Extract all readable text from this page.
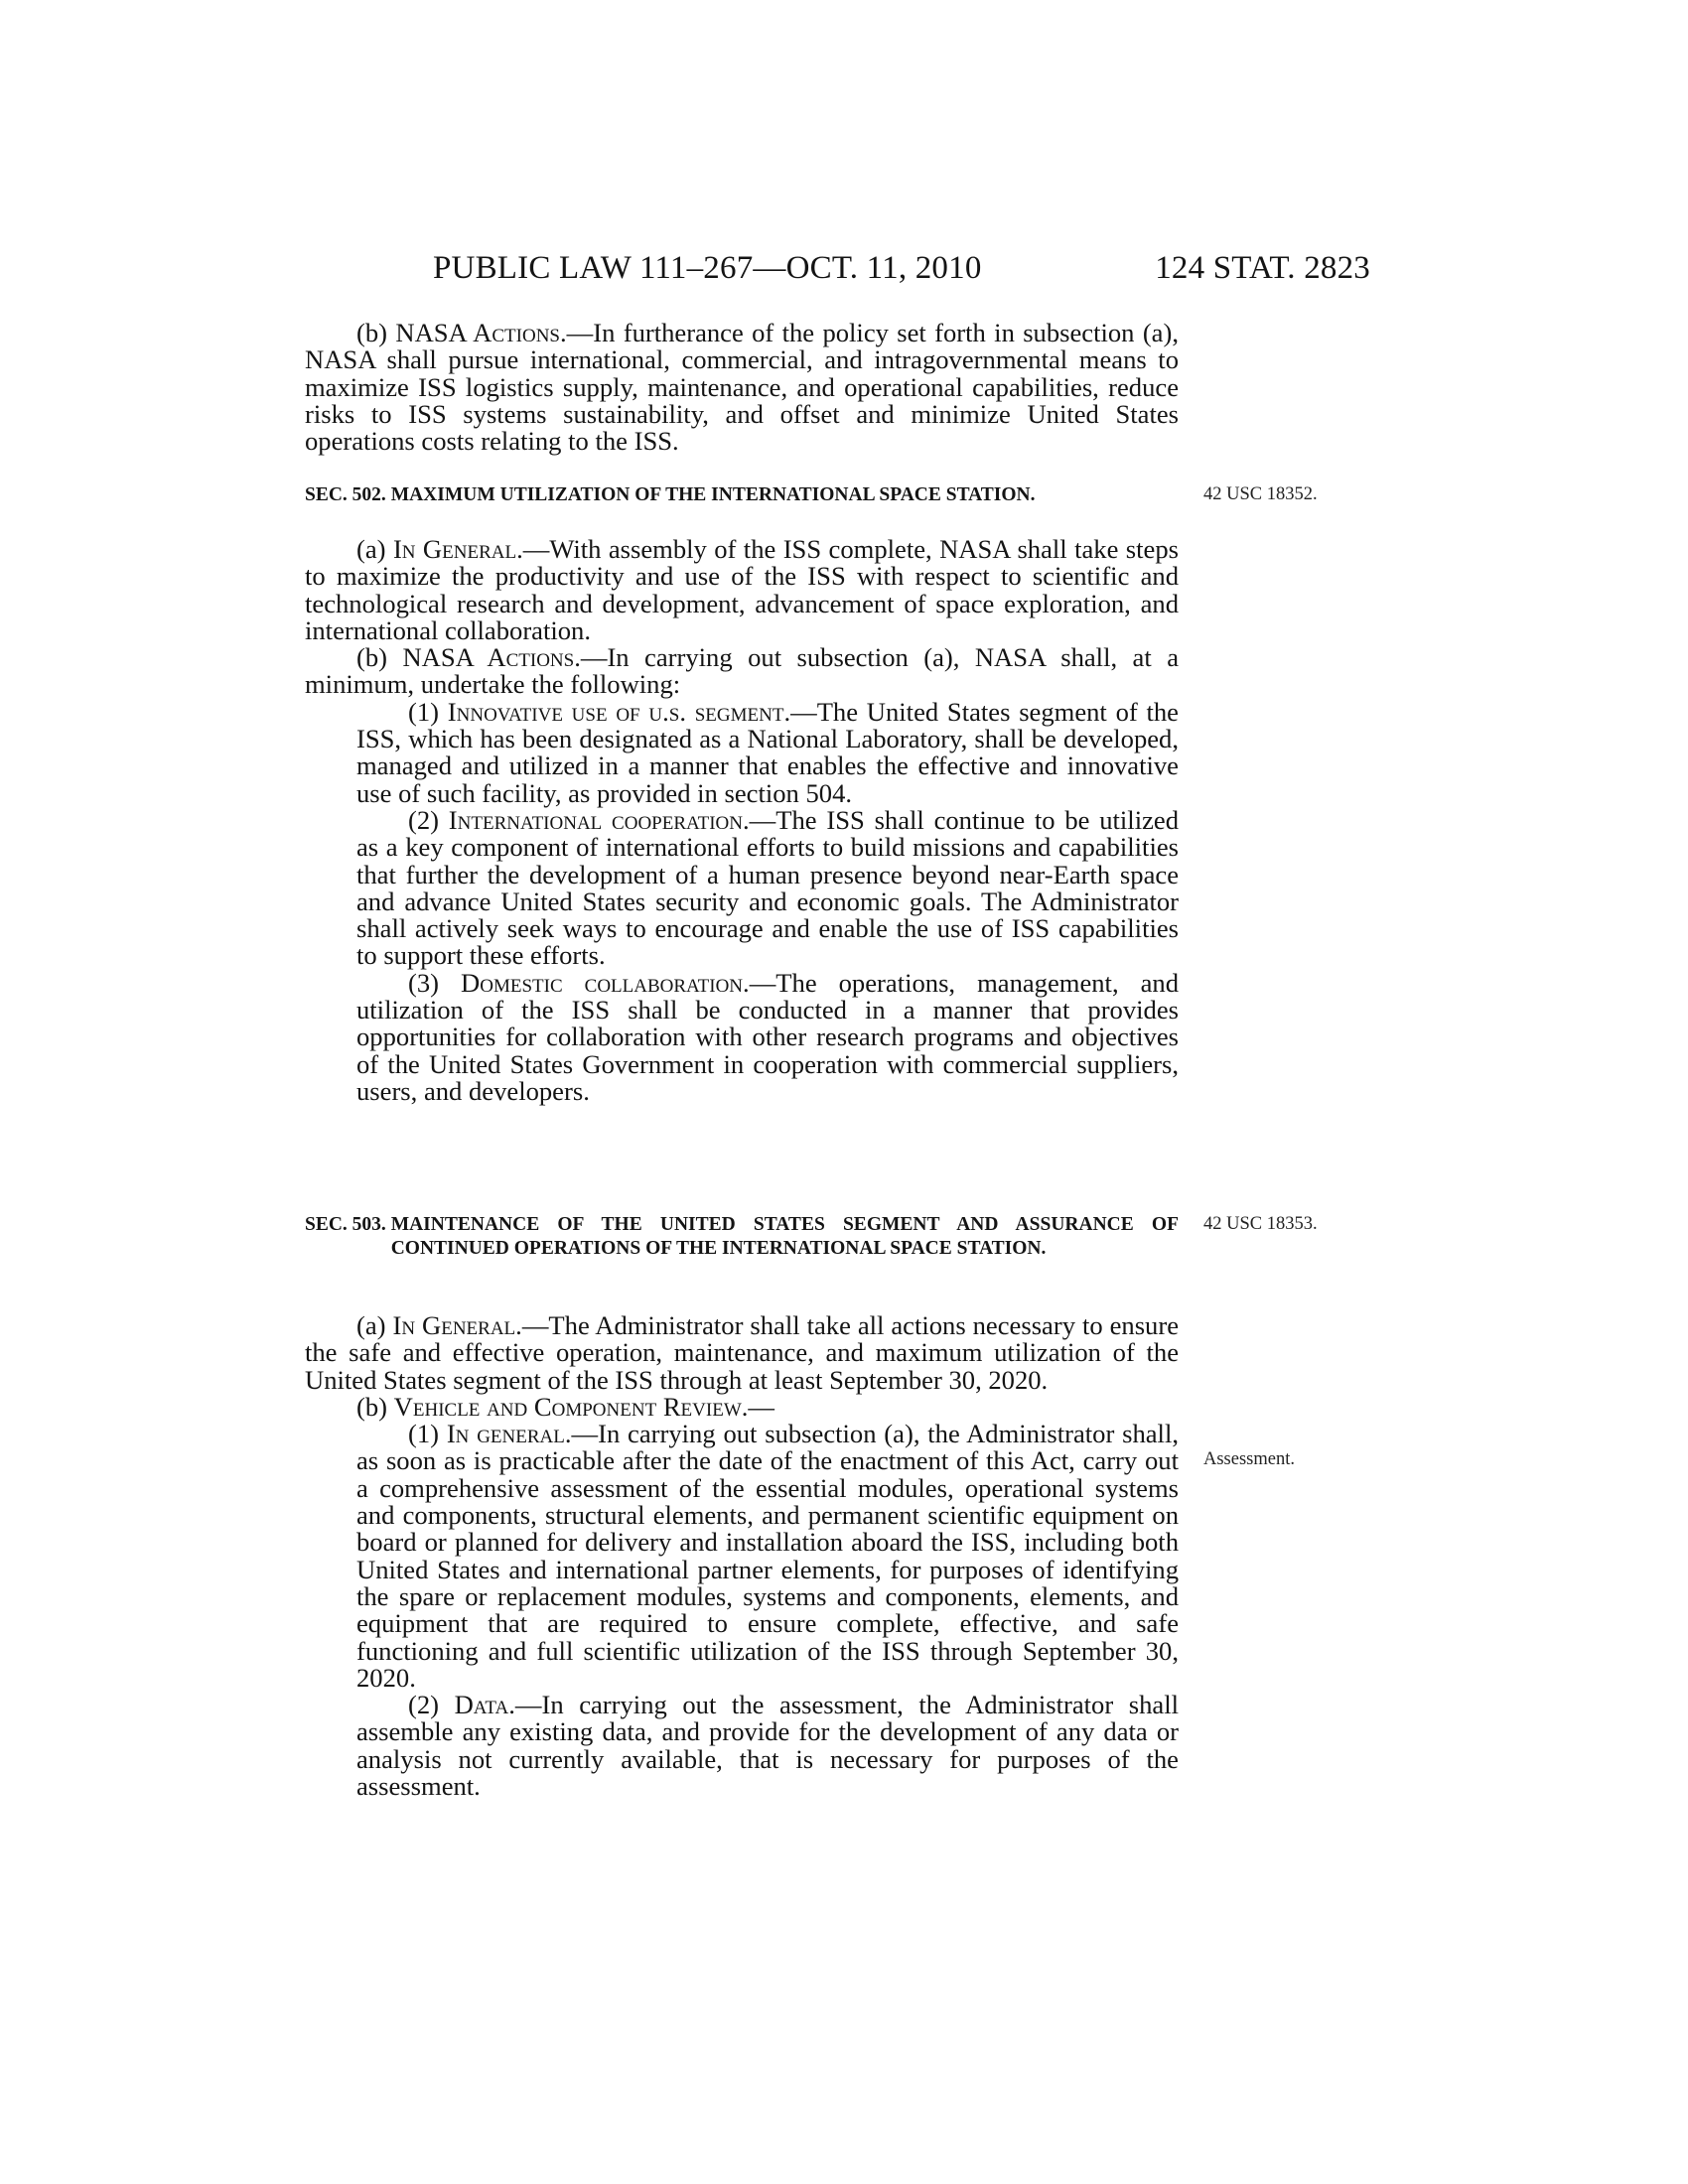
PUBLIC LAW 111–267—OCT. 11, 2010	124 STAT. 2823

(b) NASA Actions.—In furtherance of the policy set forth in subsection (a), NASA shall pursue international, commercial, and intragovernmental means to maximize ISS logistics supply, maintenance, and operational capabilities, reduce risks to ISS systems sustainability, and offset and minimize United States operations costs relating to the ISS.

SEC. 502. MAXIMUM UTILIZATION OF THE INTERNATIONAL SPACE STATION.	42 USC 18352.

(a) In General.—With assembly of the ISS complete, NASA shall take steps to maximize the productivity and use of the ISS with respect to scientific and technological research and development, advancement of space exploration, and international collaboration.

(b) NASA Actions.—In carrying out subsection (a), NASA shall, at a minimum, undertake the following:

(1) Innovative use of u.s. segment.—The United States segment of the ISS, which has been designated as a National Laboratory, shall be developed, managed and utilized in a manner that enables the effective and innovative use of such facility, as provided in section 504.

(2) International cooperation.—The ISS shall continue to be utilized as a key component of international efforts to build missions and capabilities that further the development of a human presence beyond near-Earth space and advance United States security and economic goals. The Administrator shall actively seek ways to encourage and enable the use of ISS capabilities to support these efforts.

(3) Domestic collaboration.—The operations, management, and utilization of the ISS shall be conducted in a manner that provides opportunities for collaboration with other research programs and objectives of the United States Government in cooperation with commercial suppliers, users, and developers.

SEC. 503. MAINTENANCE OF THE UNITED STATES SEGMENT AND ASSURANCE OF CONTINUED OPERATIONS OF THE INTERNATIONAL SPACE STATION.

42 USC 18353.

(a) In General.—The Administrator shall take all actions necessary to ensure the safe and effective operation, maintenance, and maximum utilization of the United States segment of the ISS through at least September 30, 2020.

(b) Vehicle and Component Review.—

(1) In general.—In carrying out subsection (a), the Administrator shall, as soon as is practicable after the date of the enactment of this Act, carry out a comprehensive assessment of the essential modules, operational systems and components, structural elements, and permanent scientific equipment on board or planned for delivery and installation aboard the ISS, including both United States and international partner elements, for purposes of identifying the spare or replacement modules, systems and components, elements, and equipment that are required to ensure complete, effective, and safe functioning and full scientific utilization of the ISS through September 30, 2020.

(2) Data.—In carrying out the assessment, the Administrator shall assemble any existing data, and provide for the development of any data or analysis not currently available, that is necessary for purposes of the assessment.

Assessment.
